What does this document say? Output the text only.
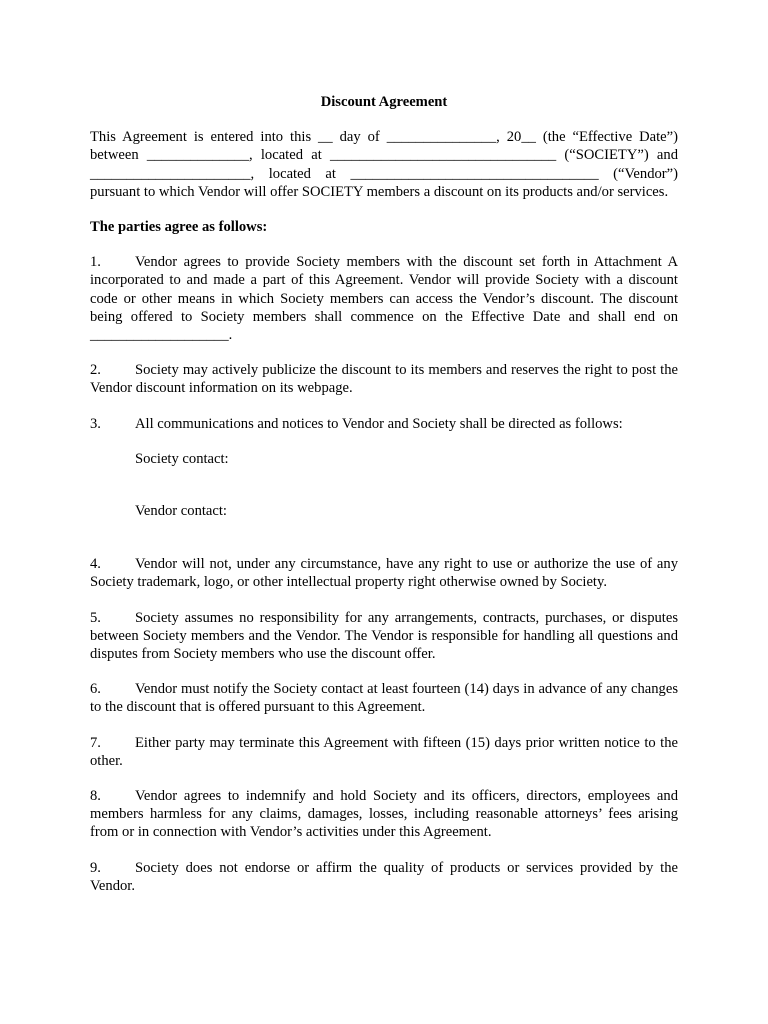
Discount Agreement
This Agreement is entered into this __ day of _______________, 20__ (the “Effective Date”) between ______________, located at _______________________________ (“SOCIETY”) and ______________________, located at __________________________________ (“Vendor”) pursuant to which Vendor will offer SOCIETY members a discount on its products and/or services.
The parties agree as follows:
1. Vendor agrees to provide Society members with the discount set forth in Attachment A incorporated to and made a part of this Agreement. Vendor will provide Society with a discount code or other means in which Society members can access the Vendor’s discount. The discount being offered to Society members shall commence on the Effective Date and shall end on ___________________.
2. Society may actively publicize the discount to its members and reserves the right to post the Vendor discount information on its webpage.
3. All communications and notices to Vendor and Society shall be directed as follows:
Society contact:
Vendor contact:
4. Vendor will not, under any circumstance, have any right to use or authorize the use of any Society trademark, logo, or other intellectual property right otherwise owned by Society.
5. Society assumes no responsibility for any arrangements, contracts, purchases, or disputes between Society members and the Vendor. The Vendor is responsible for handling all questions and disputes from Society members who use the discount offer.
6. Vendor must notify the Society contact at least fourteen (14) days in advance of any changes to the discount that is offered pursuant to this Agreement.
7. Either party may terminate this Agreement with fifteen (15) days prior written notice to the other.
8. Vendor agrees to indemnify and hold Society and its officers, directors, employees and members harmless for any claims, damages, losses, including reasonable attorneys’ fees arising from or in connection with Vendor’s activities under this Agreement.
9. Society does not endorse or affirm the quality of products or services provided by the Vendor.
